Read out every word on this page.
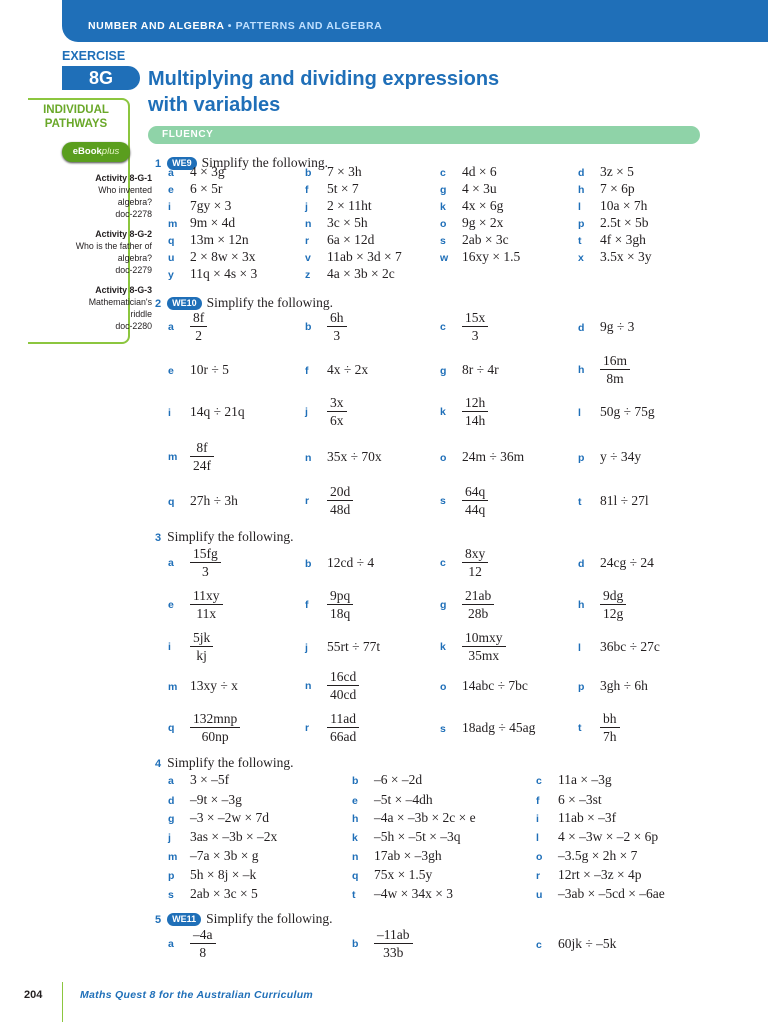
NUMBER AND ALGEBRA • PATTERNS AND ALGEBRA
EXERCISE
8G	Multiplying and dividing expressions
with variables
INDIVIDUAL
PATHWAYS
eBookplus
Activity 8-G-1
Who invented
algebra?
doc-2278
Activity 8-G-2
Who is the father of
algebra?
doc-2279
Activity 8-G-3
Mathematician's
riddle
doc-2280
FLUENCY
1 WE9 Simplify the following.
a 4 × 3g	b 7 × 3h	c 4d × 6	d 3z × 5
e 6 × 5r	f 5t × 7	g 4 × 3u	h 7 × 6p
i 7gy × 3	j 2 × 11ht	k 4x × 6g	l 10a × 7h
m 9m × 4d	n 3c × 5h	o 9g × 2x	p 2.5t × 5b
q 13m × 12n	r 6a × 12d	s 2ab × 3c	t 4f × 3gh
u 2 × 8w × 3x	v 11ab × 3d × 7	w 16xy × 1.5	x 3.5x × 3y
y 11q × 4s × 3	z 4a × 3b × 2c
2 WE10 Simplify the following.
a $\frac{8f}{2}$	b $\frac{6h}{3}$	c $\frac{15x}{3}$	d 9g ÷ 3
e 10r ÷ 5	f 4x ÷ 2x	g 8r ÷ 4r	h $\frac{16m}{8m}$
i 14q ÷ 21q	j $\frac{3x}{6x}$	k $\frac{12h}{14h}$	l 50g ÷ 75g
m $\frac{8f}{24f}$	n 35x ÷ 70x	o 24m ÷ 36m	p y ÷ 34y
q 27h ÷ 3h	r $\frac{20d}{48d}$	s $\frac{64q}{44q}$	t 81l ÷ 27l
3 Simplify the following.
a $\frac{15fg}{3}$	b 12cd ÷ 4	c $\frac{8xy}{12}$	d 24cg ÷ 24
e $\frac{11xy}{11x}$	f $\frac{9pq}{18q}$	g $\frac{21ab}{28b}$	h $\frac{9dg}{12g}$
i $\frac{5jk}{kj}$	j 55rt ÷ 77t	k $\frac{\text{10mxy}}{35mx}$	l 36bc ÷ 27c
m 13xy ÷ x	n $\frac{16cd}{40cd}$	o 14abc ÷ 7bc	p 3gh ÷ 6h
q $\frac{\text{132mnp}}{60np}$	r $\frac{11ad}{66ad}$	s 18adg ÷ 45ag	t $\frac{bh}{7h}$
4 Simplify the following.
a 3 × –5f	b –6 × –2d	c 11a × –3g
d –9t × –3g	e –5t × –4dh	f 6 × –3st
g –3 × –2w × 7d	h –4a × –3b × 2c × e	i 11ab × –3f
j 3as × –3b × –2x	k –5h × –5t × –3q	l 4 × –3w × –2 × 6p
m –7a × 3b × g	n 17ab × –3gh	o –3.5g × 2h × 7
p 5h × 8j × –k	q 75x × 1.5y	r 12rt × –3z × 4p
s 2ab × 3c × 5	t –4w × 34x × 3	u –3ab × –5cd × –6ae
5 WE11 Simplify the following.
a $\frac{-4a}{8}$	b $\frac{-11ab}{33b}$	c 60jk ÷ –5k
204	Maths Quest 8 for the Australian Curriculum
